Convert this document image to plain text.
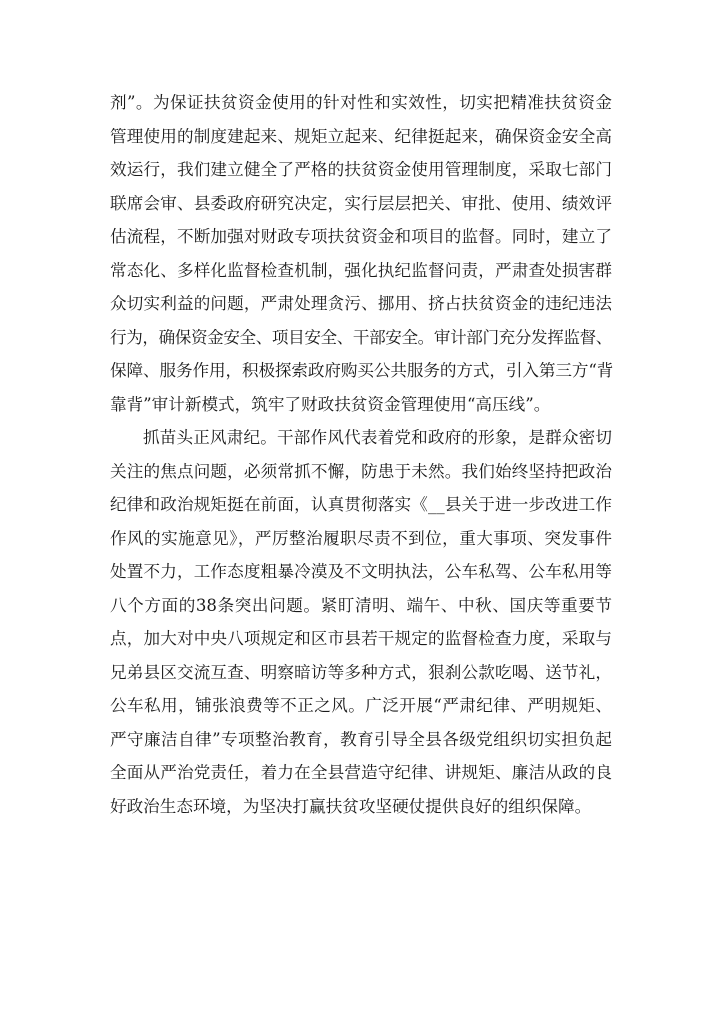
剂”。为保证扶贫资金使用的针对性和实效性，切实把精准扶贫资金
管理使用的制度建起来、规矩立起来、纪律挺起来，确保资金安全高
效运行，我们建立健全了严格的扶贫资金使用管理制度，采取七部门
联席会审、县委政府研究决定，实行层层把关、审批、使用、绩效评
估流程，不断加强对财政专项扶贫资金和项目的监督。同时，建立了
常态化、多样化监督检查机制，强化执纪监督问责，严肃查处损害群
众切实利益的问题，严肃处理贪污、挪用、挤占扶贫资金的违纪违法
行为，确保资金安全、项目安全、干部安全。审计部门充分发挥监督、
保障、服务作用，积极探索政府购买公共服务的方式，引入第三方“背
靠背”审计新模式，筑牢了财政扶贫资金管理使用“高压线”。
抓苗头正风肃纪。干部作风代表着党和政府的形象，是群众密切
关注的焦点问题，必须常抓不懈，防患于未然。我们始终坚持把政治
纪律和政治规矩挺在前面，认真贯彻落实《__县关于进一步改进工作
作风的实施意见》，严厉整治履职尽责不到位，重大事项、突发事件
处置不力，工作态度粗暴冷漠及不文明执法，公车私驾、公车私用等
八个方面的38条突出问题。紧盯清明、端午、中秋、国庆等重要节
点，加大对中央八项规定和区市县若干规定的监督检查力度，采取与
兄弟县区交流互查、明察暗访等多种方式，狠刹公款吃喝、送节礼，
公车私用，铺张浪费等不正之风。广泛开展“严肃纪律、严明规矩、
严守廉洁自律”专项整治教育，教育引导全县各级党组织切实担负起
全面从严治党责任，着力在全县营造守纪律、讲规矩、廉洁从政的良
好政治生态环境，为坚决打赢扶贫攻坚硬仗提供良好的组织保障。
